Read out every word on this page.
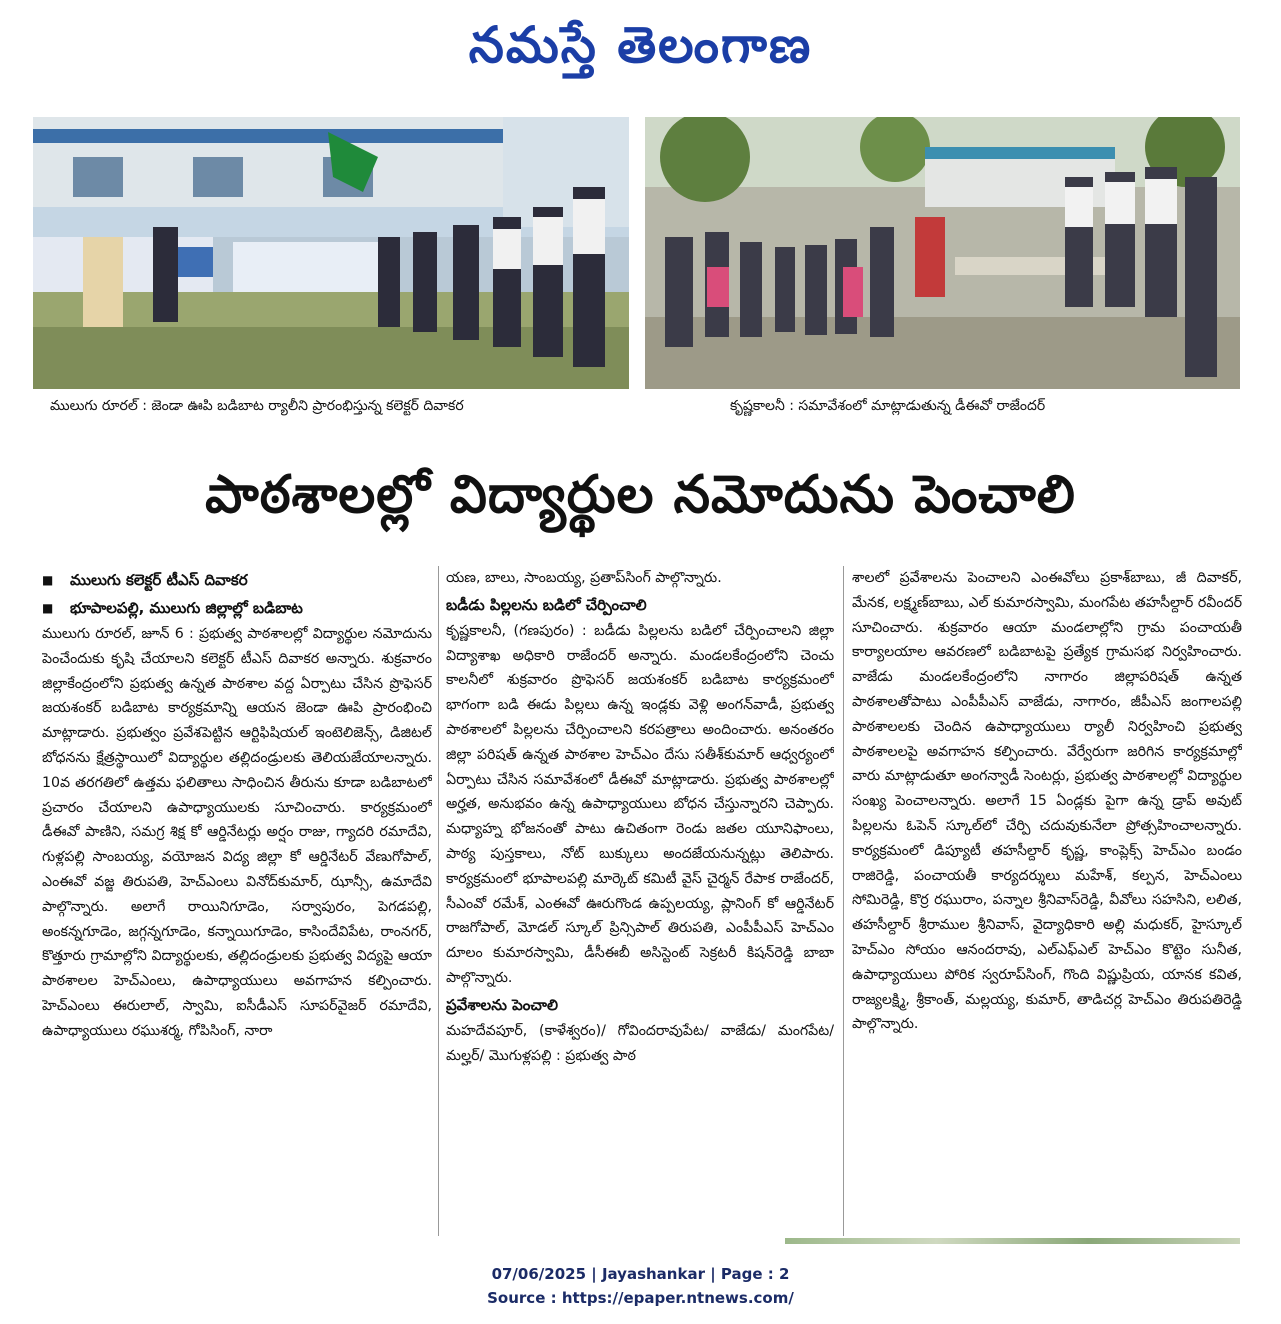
నమస్తే తెలంగాణ
ములుగు రూరల్ : జెండా ఊపి బడిబాట ర్యాలీని ప్రారంభిస్తున్న కలెక్టర్ దివాకర	కృష్ణకాలనీ : సమావేశంలో మాట్లాడుతున్న డీఈవో రాజేందర్
పాఠశాలల్లో విద్యార్థుల నమోదును పెంచాలి

■ ములుగు కలెక్టర్ టీఎస్ దివాకర

■ భూపాలపల్లి, ములుగు జిల్లాల్లో బడిబాట

ములుగు రూరల్, జూన్ 6 : ప్రభుత్వ పాఠశాలల్లో విద్యార్థుల నమోదును పెంచేందుకు కృషి చేయాలని కలెక్టర్ టీఎస్ దివాకర అన్నారు. శుక్రవారం జిల్లాకేంద్రంలోని ప్రభుత్వ ఉన్నత పాఠశాల వద్ద ఏర్పాటు చేసిన ప్రొఫెసర్ జయశంకర్ బడిబాట కార్యక్రమాన్ని ఆయన జెండా ఊపి ప్రారంభించి మాట్లాడారు. ప్రభుత్వం ప్రవేశపెట్టిన ఆర్టిఫిషియల్ ఇంటెలిజెన్స్, డిజిటల్ బోధనను క్షేత్రస్థాయిలో విద్యార్థుల తల్లిదండ్రులకు తెలియజేయాలన్నారు. 10వ తరగతిలో ఉత్తమ ఫలితాలు సాధించిన తీరును కూడా బడిబాటలో ప్రచారం చేయాలని ఉపాధ్యాయులకు సూచించారు. కార్యక్రమంలో డీఈవో పాణిని, సమగ్ర శిక్ష కో ఆర్డినేటర్లు అర్షం రాజు, గ్యాదరి రమాదేవి, గుళ్లపల్లి సాంబయ్య, వయోజన విద్య జిల్లా కో ఆర్డినేటర్ వేణుగోపాల్, ఎంఈవో వజ్జ తిరుపతి, హెచ్ఎంలు వినోద్‌కుమార్, ఝాన్సీ, ఉమాదేవి పాల్గొన్నారు. అలాగే రాయినిగూడెం, సర్వాపురం, పెగడపల్లి, అంకన్నగూడెం, జగ్గన్నగూడెం, కన్నాయిగూడెం, కాసిందేవిపేట, రాంనగర్, కొత్తూరు గ్రామాల్లోని విద్యార్థులకు, తల్లిదండ్రులకు ప్రభుత్వ విద్యపై ఆయా పాఠశాలల హెచ్ఎంలు, ఉపాధ్యాయులు అవగాహన కల్పించారు. హెచ్ఎంలు ఈరులాల్, స్వామి, ఐసీడీఎస్ సూపర్‌వైజర్ రమాదేవి, ఉపాధ్యాయులు రఘుశర్మ, గోపిసింగ్, నారా

యణ, బాలు, సాంబయ్య, ప్రతాప్‌సింగ్ పాల్గొన్నారు.

బడీడు పిల్లలను బడిలో చేర్పించాలి

కృష్ణకాలనీ, (గణపురం) : బడీడు పిల్లలను బడిలో చేర్పించాలని జిల్లా విద్యాశాఖ అధికారి రాజేందర్ అన్నారు. మండలకేంద్రంలోని చెంచు కాలనీలో శుక్రవారం ప్రొఫెసర్ జయశంకర్ బడిబాట కార్యక్రమంలో భాగంగా బడి ఈడు పిల్లలు ఉన్న ఇండ్లకు వెళ్లి అంగన్‌వాడీ, ప్రభుత్వ పాఠశాలలో పిల్లలను చేర్పించాలని కరపత్రాలు అందించారు. అనంతరం జిల్లా పరిషత్ ఉన్నత పాఠశాల హెచ్ఎం దేసు సతీశ్‌కుమార్ ఆధ్వర్యంలో ఏర్పాటు చేసిన సమావేశంలో డీఈవో మాట్లాడారు. ప్రభుత్వ పాఠశాలల్లో అర్హత, అనుభవం ఉన్న ఉపాధ్యాయులు బోధన చేస్తున్నారని చెప్పారు. మధ్యాహ్న భోజనంతో పాటు ఉచితంగా రెండు జతల యూనిఫాంలు, పాఠ్య పుస్తకాలు, నోట్ బుక్కులు అందజేయనున్నట్లు తెలిపారు. కార్యక్రమంలో భూపాలపల్లి మార్కెట్ కమిటీ వైస్ చైర్మన్ రేపాక రాజేందర్, సీఎంవో రమేశ్, ఎంఈవో ఊరుగొండ ఉప్పలయ్య, ప్లానింగ్ కో ఆర్డినేటర్ రాజగోపాల్, మోడల్ స్కూల్ ప్రిన్సిపాల్ తిరుపతి, ఎంపీపీఎస్ హెచ్ఎం దూలం కుమారస్వామి, డీసీఈబీ అసిస్టెంట్ సెక్రటరీ కిషన్‌రెడ్డి బాబా పాల్గొన్నారు.

ప్రవేశాలను పెంచాలి

మహదేవపూర్, (కాళేశ్వరం)/ గోవిందరావుపేట/ వాజేడు/ మంగపేట/ మల్హర్/ మొగుళ్లపల్లి : ప్రభుత్వ పాఠ

శాలలో ప్రవేశాలను పెంచాలని ఎంఈవోలు ప్రకాశ్‌బాబు, జీ దివాకర్, మేనక, లక్ష్మణ్‌బాబు, ఎల్ కుమారస్వామి, మంగపేట తహసీల్దార్ రవీందర్ సూచించారు. శుక్రవారం ఆయా మండలాల్లోని గ్రామ పంచాయతీ కార్యాలయాల ఆవరణలో బడిబాటపై ప్రత్యేక గ్రామసభ నిర్వహించారు. వాజేడు మండలకేంద్రంలోని నాగారం జిల్లాపరిషత్ ఉన్నత పాఠశాలతోపాటు ఎంపీపీఎస్ వాజేడు, నాగారం, జీపీఎస్ జంగాలపల్లి పాఠశాలలకు చెందిన ఉపాధ్యాయులు ర్యాలీ నిర్వహించి ప్రభుత్వ పాఠశాలలపై అవగాహన కల్పించారు. వేర్వేరుగా జరిగిన కార్యక్రమాల్లో వారు మాట్లాడుతూ అంగన్వాడీ సెంటర్లు, ప్రభుత్వ పాఠశాలల్లో విద్యార్థుల సంఖ్య పెంచాలన్నారు. అలాగే 15 ఏండ్లకు పైగా ఉన్న డ్రాప్ అవుట్ పిల్లలను ఓపెన్ స్కూల్‌లో చేర్పి చదువుకునేలా ప్రోత్సహించాలన్నారు. కార్యక్రమంలో డిప్యూటీ తహసీల్దార్ కృష్ణ, కాంప్లెక్స్ హెచ్ఎం బండం రాజిరెడ్డి, పంచాయతీ కార్యదర్శులు మహేశ్, కల్పన, హెచ్ఎంలు సోమిరెడ్డి, కొర్ర రఘురాం, పన్నాల శ్రీనివాస్‌రెడ్డి, వీవోలు సహసిని, లలిత, తహసీల్దార్ శ్రీరాముల శ్రీనివాస్, వైద్యాధికారి అల్లి మధుకర్, హైస్కూల్ హెచ్ఎం సోయం ఆనందరావు, ఎల్ఎఫ్ఎల్ హెచ్ఎం కొట్టెం సునీత, ఉపాధ్యాయులు పోరిక స్వరూప్‌సింగ్, గొంది విష్ణుప్రియ, యానక కవిత, రాజ్యలక్ష్మి, శ్రీకాంత్, మల్లయ్య, కుమార్, తాడిచర్ల హెచ్ఎం తిరుపతిరెడ్డి పాల్గొన్నారు.

07/06/2025 | Jayashankar | Page : 2
Source : https://epaper.ntnews.com/
